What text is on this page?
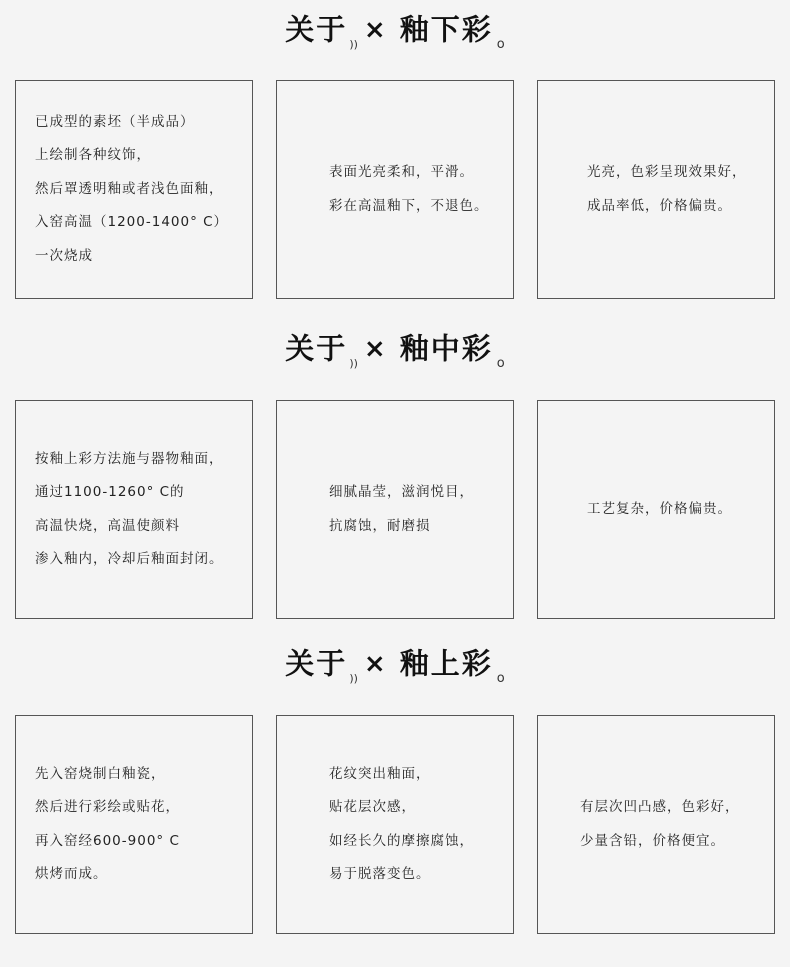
关于 $_{))}$ × 釉下彩 $_o$
已成型的素坯（半成品）
上绘制各种纹饰，
然后罩透明釉或者浅色面釉，
入窑高温（1200-1400° C）
一次烧成
表面光亮柔和，平滑。
彩在高温釉下，不退色。
光亮，色彩呈现效果好，
成品率低，价格偏贵。
关于 $_{))}$ × 釉中彩 $_o$
按釉上彩方法施与器物釉面，
通过1100-1260° C的
高温快烧，高温使颜料
渗入釉内，冷却后釉面封闭。
细腻晶莹，滋润悦目，
抗腐蚀，耐磨损
工艺复杂，价格偏贵。
关于 $_{))}$ × 釉上彩 $_o$
先入窑烧制白釉瓷，
然后进行彩绘或贴花，
再入窑经600-900° C
烘烤而成。
花纹突出釉面，
贴花层次感，
如经长久的摩擦腐蚀，
易于脱落变色。
有层次凹凸感，色彩好，
少量含铅，价格便宜。
